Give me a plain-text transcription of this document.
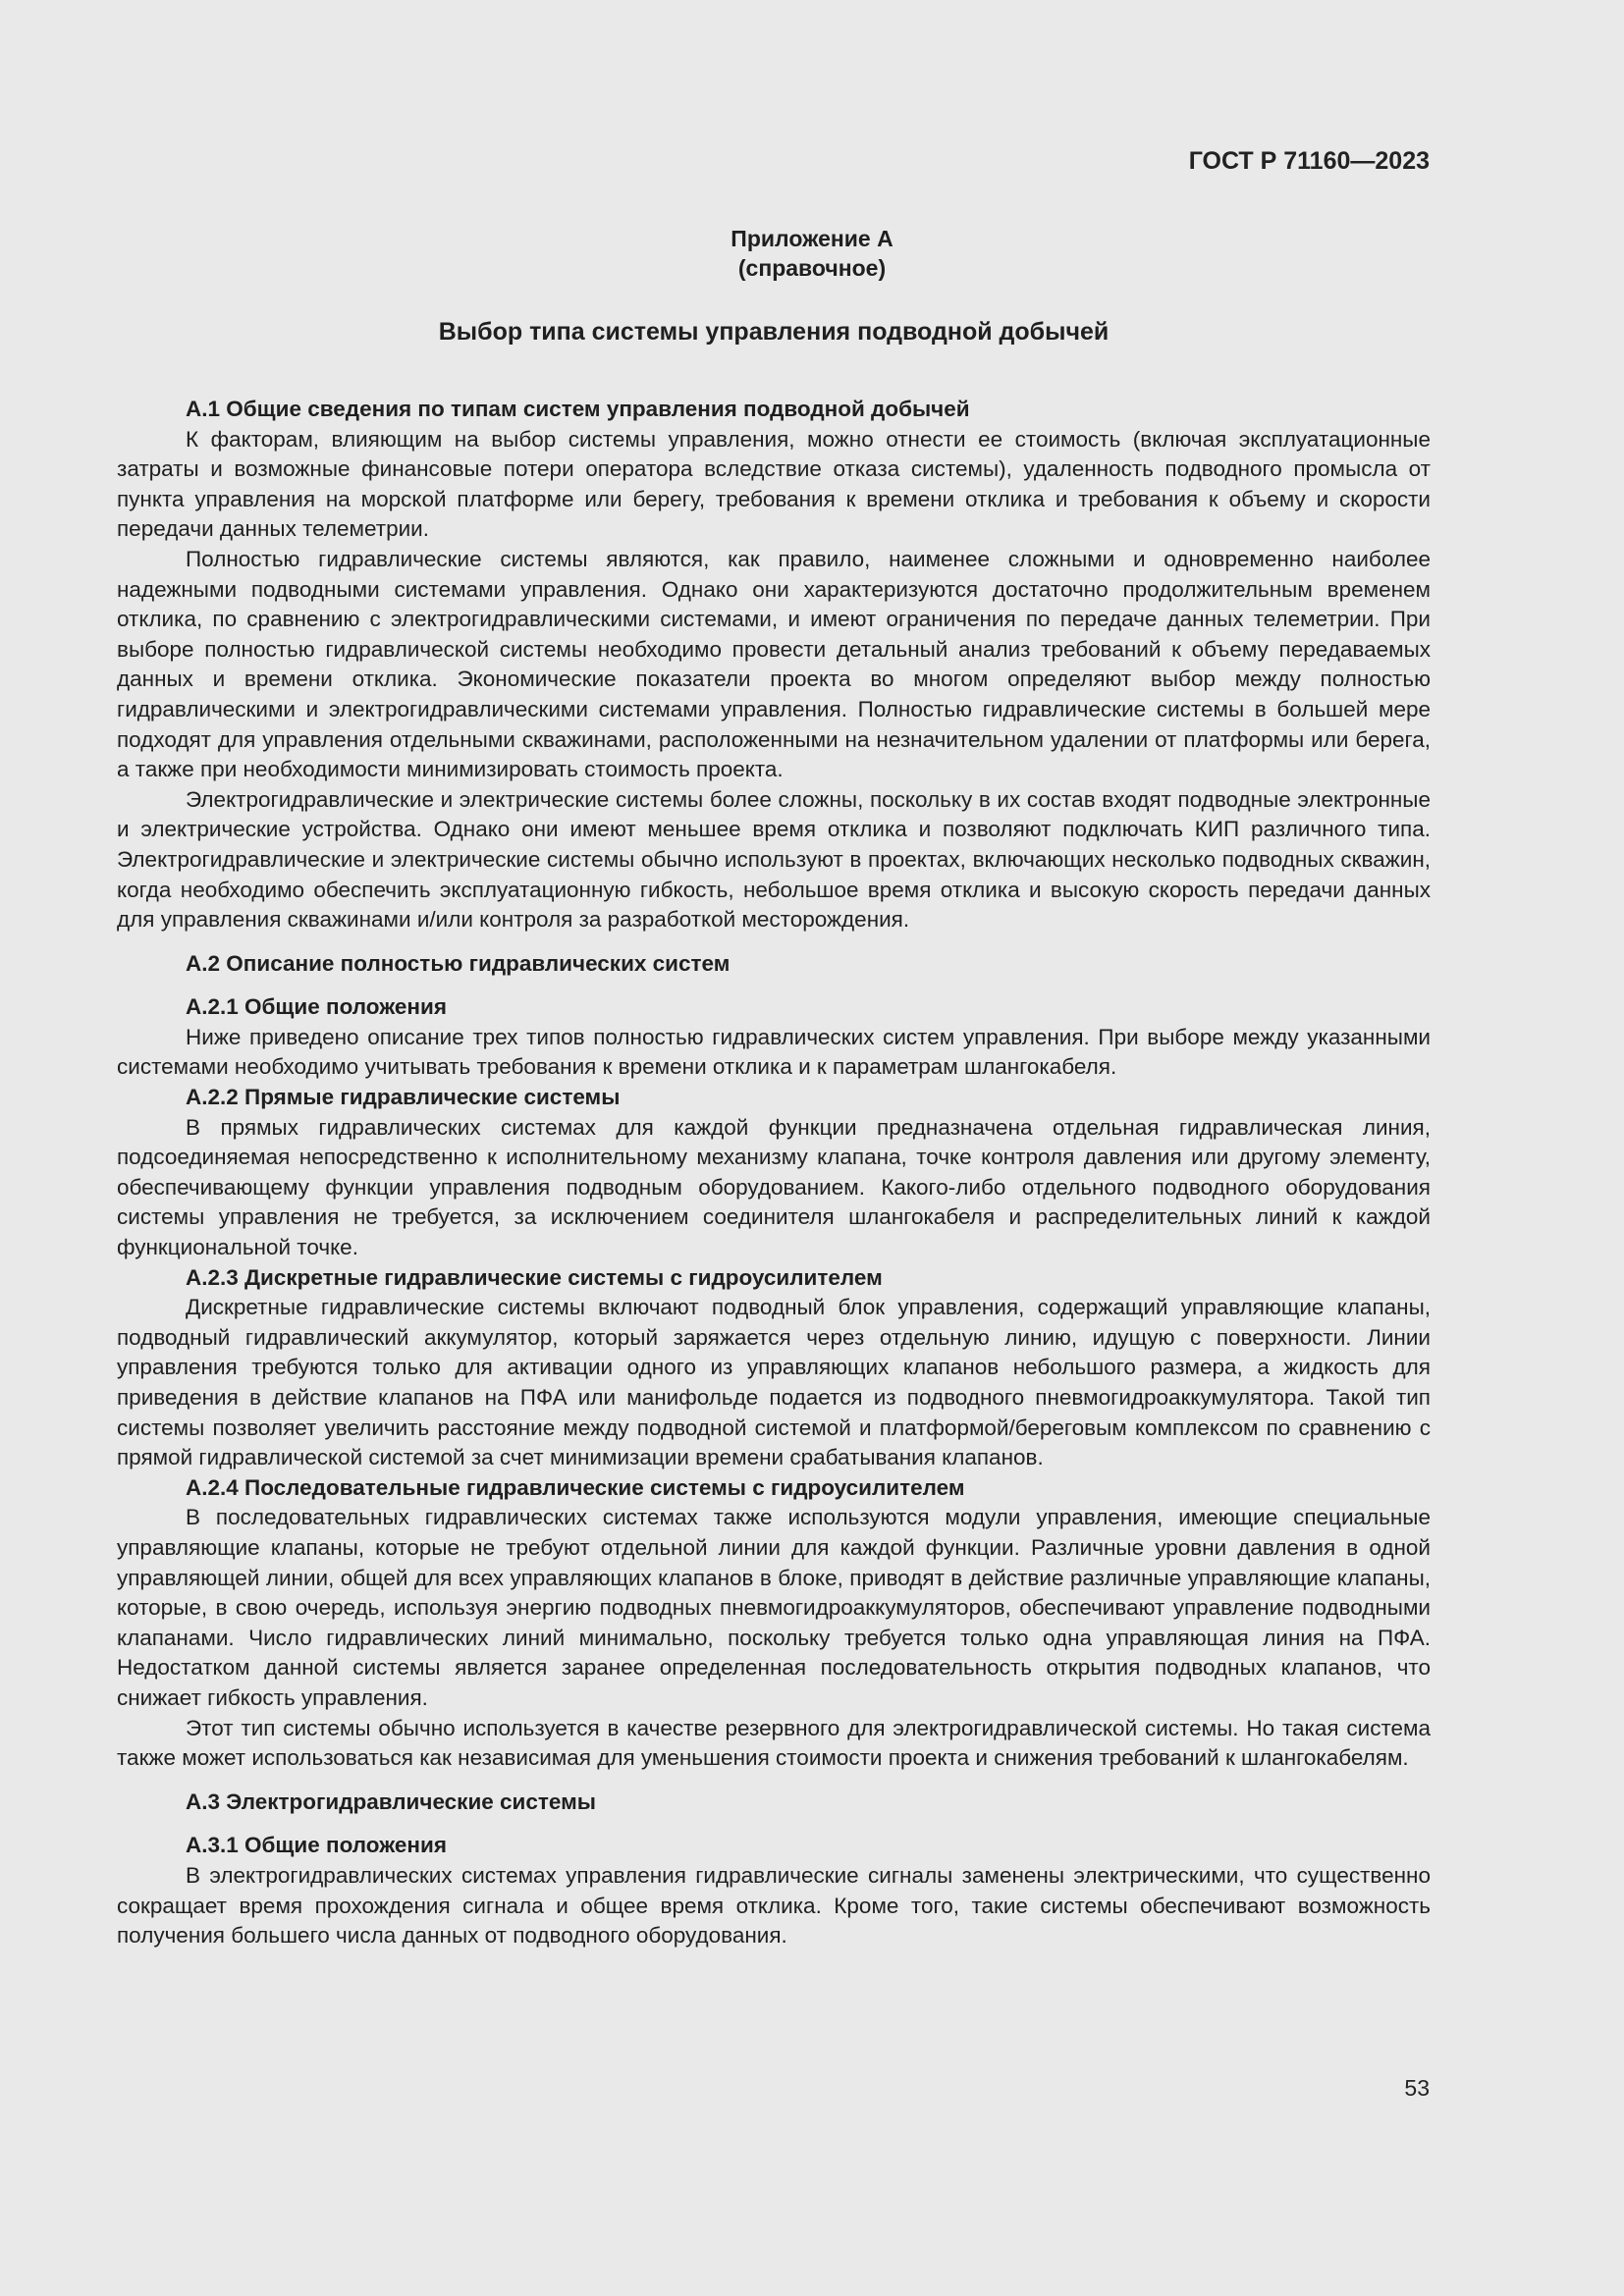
ГОСТ Р 71160—2023
Приложение А
(справочное)
Выбор типа системы управления подводной добычей
А.1 Общие сведения по типам систем управления подводной добычей

К факторам, влияющим на выбор системы управления, можно отнести ее стоимость (включая эксплуатационные затраты и возможные финансовые потери оператора вследствие отказа системы), удаленность подводного промысла от пункта управления на морской платформе или берегу, требования к времени отклика и требования к объему и скорости передачи данных телеметрии.

Полностью гидравлические системы являются, как правило, наименее сложными и одновременно наиболее надежными подводными системами управления. Однако они характеризуются достаточно продолжительным временем отклика, по сравнению с электрогидравлическими системами, и имеют ограничения по передаче данных телеметрии. При выборе полностью гидравлической системы необходимо провести детальный анализ требований к объему передаваемых данных и времени отклика. Экономические показатели проекта во многом определяют выбор между полностью гидравлическими и электрогидравлическими системами управления. Полностью гидравлические системы в большей мере подходят для управления отдельными скважинами, расположенными на незначительном удалении от платформы или берега, а также при необходимости минимизировать стоимость проекта.

Электрогидравлические и электрические системы более сложны, поскольку в их состав входят подводные электронные и электрические устройства. Однако они имеют меньшее время отклика и позволяют подключать КИП различного типа. Электрогидравлические и электрические системы обычно используют в проектах, включающих несколько подводных скважин, когда необходимо обеспечить эксплуатационную гибкость, небольшое время отклика и высокую скорость передачи данных для управления скважинами и/или контроля за разработкой месторождения.

А.2 Описание полностью гидравлических систем
А.2.1 Общие положения

Ниже приведено описание трех типов полностью гидравлических систем управления. При выборе между указанными системами необходимо учитывать требования к времени отклика и к параметрам шлангокабеля.

А.2.2 Прямые гидравлические системы

В прямых гидравлических системах для каждой функции предназначена отдельная гидравлическая линия, подсоединяемая непосредственно к исполнительному механизму клапана, точке контроля давления или другому элементу, обеспечивающему функции управления подводным оборудованием. Какого-либо отдельного подводного оборудования системы управления не требуется, за исключением соединителя шлангокабеля и распределительных линий к каждой функциональной точке.

А.2.3 Дискретные гидравлические системы с гидроусилителем

Дискретные гидравлические системы включают подводный блок управления, содержащий управляющие клапаны, подводный гидравлический аккумулятор, который заряжается через отдельную линию, идущую с поверхности. Линии управления требуются только для активации одного из управляющих клапанов небольшого размера, а жидкость для приведения в действие клапанов на ПФА или манифольде подается из подводного пневмогидроаккумулятора. Такой тип системы позволяет увеличить расстояние между подводной системой и платформой/береговым комплексом по сравнению с прямой гидравлической системой за счет минимизации времени срабатывания клапанов.

А.2.4 Последовательные гидравлические системы с гидроусилителем

В последовательных гидравлических системах также используются модули управления, имеющие специальные управляющие клапаны, которые не требуют отдельной линии для каждой функции. Различные уровни давления в одной управляющей линии, общей для всех управляющих клапанов в блоке, приводят в действие различные управляющие клапаны, которые, в свою очередь, используя энергию подводных пневмогидроаккумуляторов, обеспечивают управление подводными клапанами. Число гидравлических линий минимально, поскольку требуется только одна управляющая линия на ПФА. Недостатком данной системы является заранее определенная последовательность открытия подводных клапанов, что снижает гибкость управления.

Этот тип системы обычно используется в качестве резервного для электрогидравлической системы. Но такая система также может использоваться как независимая для уменьшения стоимости проекта и снижения требований к шлангокабелям.

А.3 Электрогидравлические системы
А.3.1 Общие положения

В электрогидравлических системах управления гидравлические сигналы заменены электрическими, что существенно сокращает время прохождения сигнала и общее время отклика. Кроме того, такие системы обеспечивают возможность получения большего числа данных от подводного оборудования.

53
